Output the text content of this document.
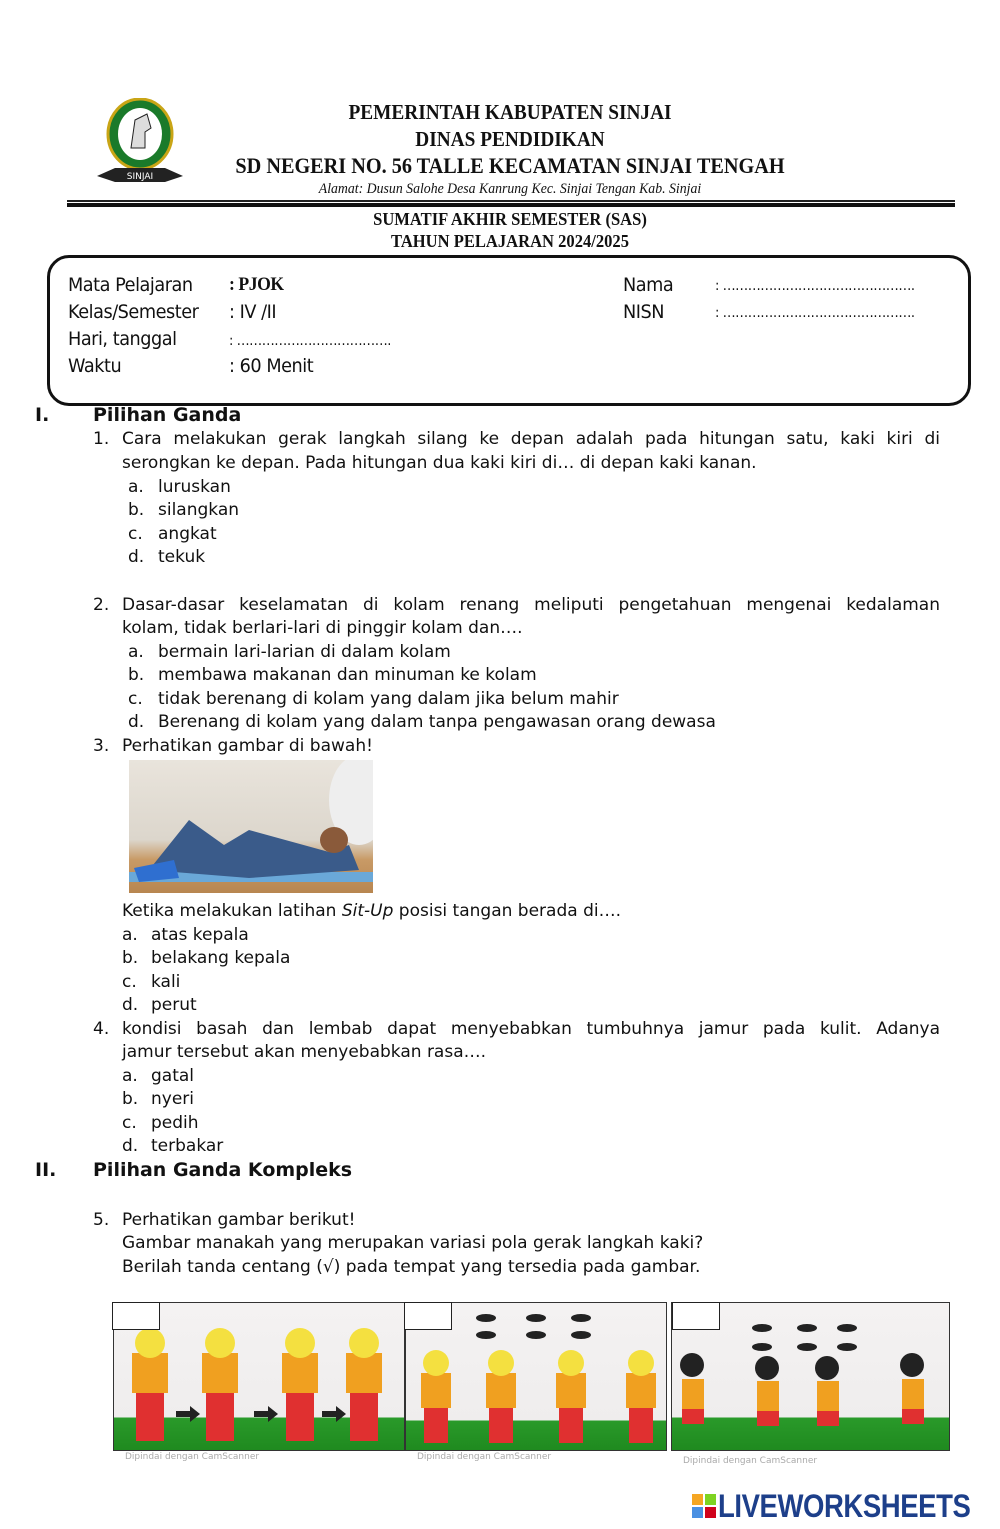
SINJAI
PEMERINTAH KABUPATEN SINJAI
DINAS PENDIDIKAN
SD NEGERI NO. 56 TALLE KECAMATAN SINJAI TENGAH
Alamat: Dusun Salohe Desa Kanrung Kec. Sinjai Tengan Kab. Sinjai
SUMATIF AKHIR SEMESTER (SAS)
TAHUN PELAJARAN 2024/2025
Mata Pelajaran : PJOK
Kelas/Semester : IV /II
Hari, tanggal	: ……………………………….
Waktu	: 60 Menit
Nama	: ……………………………………….
NISN	: ……………………………………….
I. Pilihan Ganda
1. Cara melakukan gerak langkah silang ke depan adalah pada hitungan satu, kaki kiri di
serongkan ke depan. Pada hitungan dua kaki kiri di… di depan kaki kanan.
a. luruskan
b. silangkan
c. angkat
d. tekuk
2. Dasar-dasar keselamatan di kolam renang meliputi pengetahuan mengenai kedalaman
kolam, tidak berlari-lari di pinggir kolam dan….
a. bermain lari-larian di dalam kolam
b. membawa makanan dan minuman ke kolam
c. tidak berenang di kolam yang dalam jika belum mahir
d. Berenang di kolam yang dalam tanpa pengawasan orang dewasa
3. Perhatikan gambar di bawah!
Ketika melakukan latihan Sit-Up posisi tangan berada di….
a. atas kepala
b. belakang kepala
c. kali
d. perut
4. kondisi basah dan lembab dapat menyebabkan tumbuhnya jamur pada kulit. Adanya
jamur tersebut akan menyebabkan rasa….
a. gatal
b. nyeri
c. pedih
d. terbakar
II. Pilihan Ganda Kompleks
5. Perhatikan gambar berikut!
Gambar manakah yang merupakan variasi pola gerak langkah kaki?
Berilah tanda centang (√) pada tempat yang tersedia pada gambar.
Dipindai dengan CamScanner	Dipindai dengan CamScanner	Dipindai dengan CamScanner
LIVEWORKSHEETS
